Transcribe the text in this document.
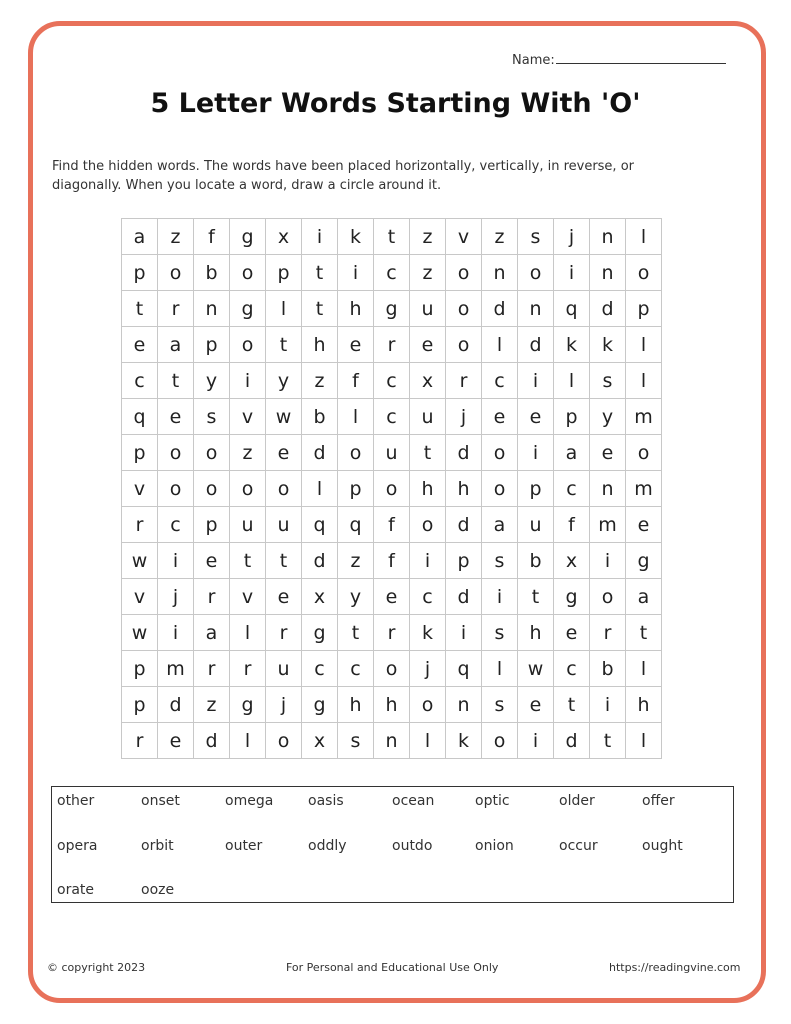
Name:
5 Letter Words Starting With 'O'
Find the hidden words. The words have been placed horizontally, vertically, in reverse, or diagonally. When you locate a word, draw a circle around it.
a	z	f	g	x	i	k	t	z	v	z	s	j	n	l
p	o	b	o	p	t	i	c	z	o	n	o	i	n	o
t	r	n	g	l	t	h	g	u	o	d	n	q	d	p
e	a	p	o	t	h	e	r	e	o	l	d	k	k	l
c	t	y	i	y	z	f	c	x	r	c	i	l	s	l
q	e	s	v	w	b	l	c	u	j	e	e	p	y	m
p	o	o	z	e	d	o	u	t	d	o	i	a	e	o
v	o	o	o	o	l	p	o	h	h	o	p	c	n	m
r	c	p	u	u	q	q	f	o	d	a	u	f	m	e
w	i	e	t	t	d	z	f	i	p	s	b	x	i	g
v	j	r	v	e	x	y	e	c	d	i	t	g	o	a
w	i	a	l	r	g	t	r	k	i	s	h	e	r	t
p	m	r	r	u	c	c	o	j	q	l	w	c	b	l
p	d	z	g	j	g	h	h	o	n	s	e	t	i	h
r	e	d	l	o	x	s	n	l	k	o	i	d	t	l
other	onset	omega oasis	ocean	optic	older	offer
opera	orbit	outer	oddly	outdo	onion	occur	ought
orate	ooze
© copyright 2023	For Personal and Educational Use Only	https://readingvine.com
